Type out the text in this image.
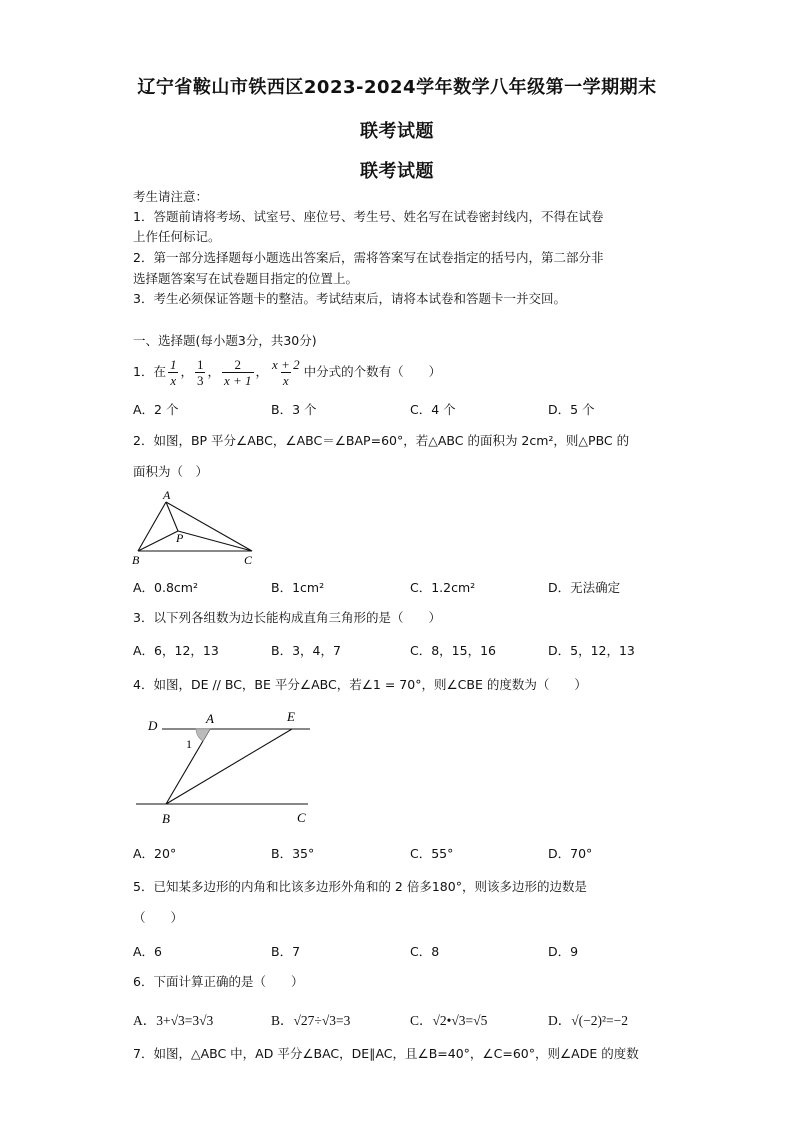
辽宁省鞍山市铁西区2023-2024学年数学八年级第一学期期末
联考试题
联考试题
考生请注意：
1．答题前请将考场、试室号、座位号、考生号、姓名写在试卷密封线内，不得在试卷
上作任何标记。
2．第一部分选择题每小题选出答案后，需将答案写在试卷指定的括号内，第二部分非
选择题答案写在试卷题目指定的位置上。
3．考生必须保证答题卡的整洁。考试结束后，请将本试卷和答题卡一并交回。
一、选择题(每小题3分，共30分)
1．在 $\frac{1}{x}$ ， $\frac{1}{3}$ ， $\frac{2}{x + 1}$ ， $\frac{x + 2}{x}$ 中分式的个数有（　　）
A．2 个	B．3 个	C．4 个	D．5 个
2．如图，BP 平分∠ABC，∠ABC＝∠BAP=60°，若△ABC 的面积为 2cm²，则△PBC 的
面积为（　）
A
B	C
P
A．0.8cm²	B．1cm²	C．1.2cm²	D．无法确定
3．以下列各组数为边长能构成直角三角形的是（　　）
A．6，12，13	B．3，4，7	C．8，15，16	D．5，12，13
4．如图，DE // BC，BE 平分∠ABC，若∠1 = 70°，则∠CBE 的度数为（　　）
D	A	E
1
B	C
A．20°	B．35°	C．55°	D．70°
5．已知某多边形的内角和比该多边形外角和的 2 倍多180°，则该多边形的边数是
（　　）
A．6	B．7	C．8	D．9
6．下面计算正确的是（　　）
A．3+√3=3√3	B．√27÷√3=3	C．√2•√3=√5	D．√(−2)²=−2
7．如图，△ABC 中，AD 平分∠BAC，DE∥AC，且∠B=40°，∠C=60°，则∠ADE 的度数
